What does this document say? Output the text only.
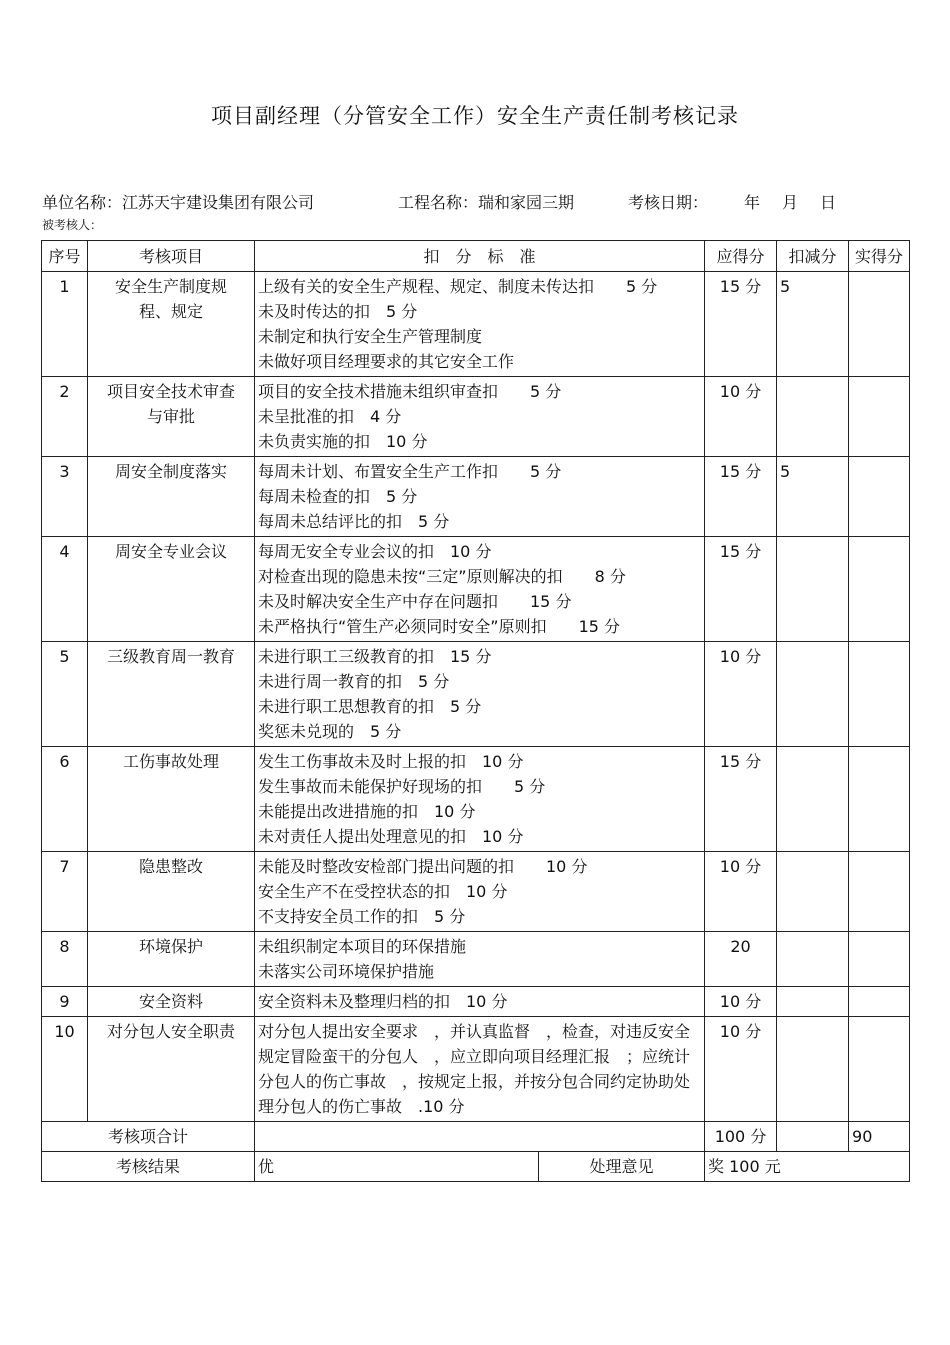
项目副经理（分管安全工作）安全生产责任制考核记录
单位名称：江苏天宇建设集团有限公司	工程名称：瑞和家园三期	考核日期： 年 月 日
被考核人：
序号	考核项目	扣　分　标　准		应得分	扣减分	实得分
1	安全生产制度规程、规定	上级有关的安全生产规程、规定、制度未传达扣　　5 分
未及时传达的扣　5 分
未制定和执行安全生产管理制度
未做好项目经理要求的其它安全工作		15 分	5	
2	项目安全技术审查与审批	项目的安全技术措施未组织审查扣　　5 分
未呈批准的扣　4 分
未负责实施的扣　10 分		10 分		
3	周安全制度落实	每周未计划、布置安全生产工作扣　　5 分
每周未检查的扣　5 分
每周未总结评比的扣　5 分		15 分	5	
4	周安全专业会议	每周无安全专业会议的扣　10 分
对检查出现的隐患未按“三定”原则解决的扣　　8 分
未及时解决安全生产中存在问题扣　　15 分
未严格执行“管生产必须同时安全”原则扣　　15 分		15 分		
5	三级教育周一教育	未进行职工三级教育的扣　15 分
未进行周一教育的扣　5 分
未进行职工思想教育的扣　5 分
奖惩未兑现的　5 分		10 分		
6	工伤事故处理	发生工伤事故未及时上报的扣　10 分
发生事故而未能保护好现场的扣　　5 分
未能提出改进措施的扣　10 分
未对责任人提出处理意见的扣　10 分		15 分		
7	隐患整改	未能及时整改安检部门提出问题的扣　　10 分
安全生产不在受控状态的扣　10 分
不支持安全员工作的扣　5 分		10 分		
8	环境保护	未组织制定本项目的环保措施
未落实公司环境保护措施		20		
9	安全资料	安全资料未及整理归档的扣　10 分		10 分		
10	对分包人安全职责	对分包人提出安全要求　，并认真监督　，检查，对违反安全规定冒险蛮干的分包人　，应立即向项目经理汇报　；应统计分包人的伤亡事故　，按规定上报，并按分包合同约定协助处理分包人的伤亡事故　.10 分		10 分		
考核项合计				100 分		90
考核结果		优	处理意见	奖 100 元		
